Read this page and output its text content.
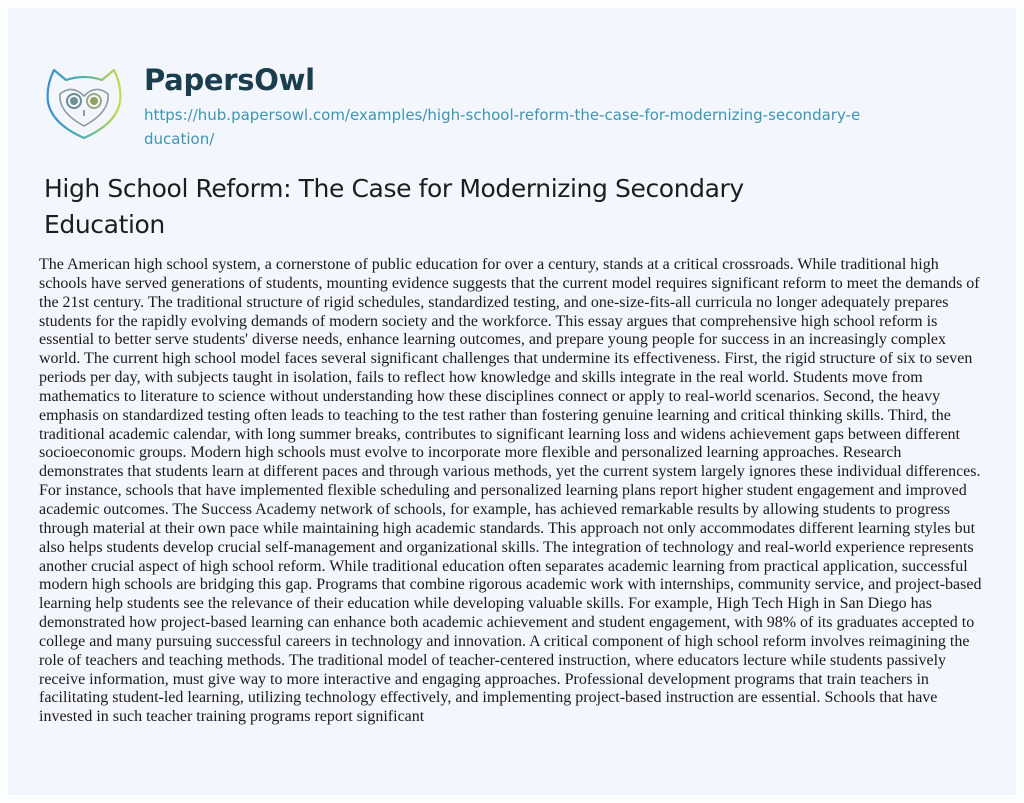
PapersOwl
https://hub.papersowl.com/examples/high-school-reform-the-case-for-modernizing-secondary-education/
High School Reform: The Case for Modernizing Secondary Education

The American high school system, a cornerstone of public education for over a century, stands at a critical crossroads. While traditional high schools have served generations of students, mounting evidence suggests that the current model requires significant reform to meet the demands of the 21st century. The traditional structure of rigid schedules, standardized testing, and one-size-fits-all curricula no longer adequately prepares students for the rapidly evolving demands of modern society and the workforce. This essay argues that comprehensive high school reform is essential to better serve students' diverse needs, enhance learning outcomes, and prepare young people for success in an increasingly complex world. The current high school model faces several significant challenges that undermine its effectiveness. First, the rigid structure of six to seven periods per day, with subjects taught in isolation, fails to reflect how knowledge and skills integrate in the real world. Students move from mathematics to literature to science without understanding how these disciplines connect or apply to real-world scenarios. Second, the heavy emphasis on standardized testing often leads to teaching to the test rather than fostering genuine learning and critical thinking skills. Third, the traditional academic calendar, with long summer breaks, contributes to significant learning loss and widens achievement gaps between different socioeconomic groups. Modern high schools must evolve to incorporate more flexible and personalized learning approaches. Research demonstrates that students learn at different paces and through various methods, yet the current system largely ignores these individual differences. For instance, schools that have implemented flexible scheduling and personalized learning plans report higher student engagement and improved academic outcomes. The Success Academy network of schools, for example, has achieved remarkable results by allowing students to progress through material at their own pace while maintaining high academic standards. This approach not only accommodates different learning styles but also helps students develop crucial self-management and organizational skills. The integration of technology and real-world experience represents another crucial aspect of high school reform. While traditional education often separates academic learning from practical application, successful modern high schools are bridging this gap. Programs that combine rigorous academic work with internships, community service, and project-based learning help students see the relevance of their education while developing valuable skills. For example, High Tech High in San Diego has demonstrated how project-based learning can enhance both academic achievement and student engagement, with 98% of its graduates accepted to college and many pursuing successful careers in technology and innovation. A critical component of high school reform involves reimagining the role of teachers and teaching methods. The traditional model of teacher-centered instruction, where educators lecture while students passively receive information, must give way to more interactive and engaging approaches. Professional development programs that train teachers in facilitating student-led learning, utilizing technology effectively, and implementing project-based instruction are essential. Schools that have invested in such teacher training programs report significant
